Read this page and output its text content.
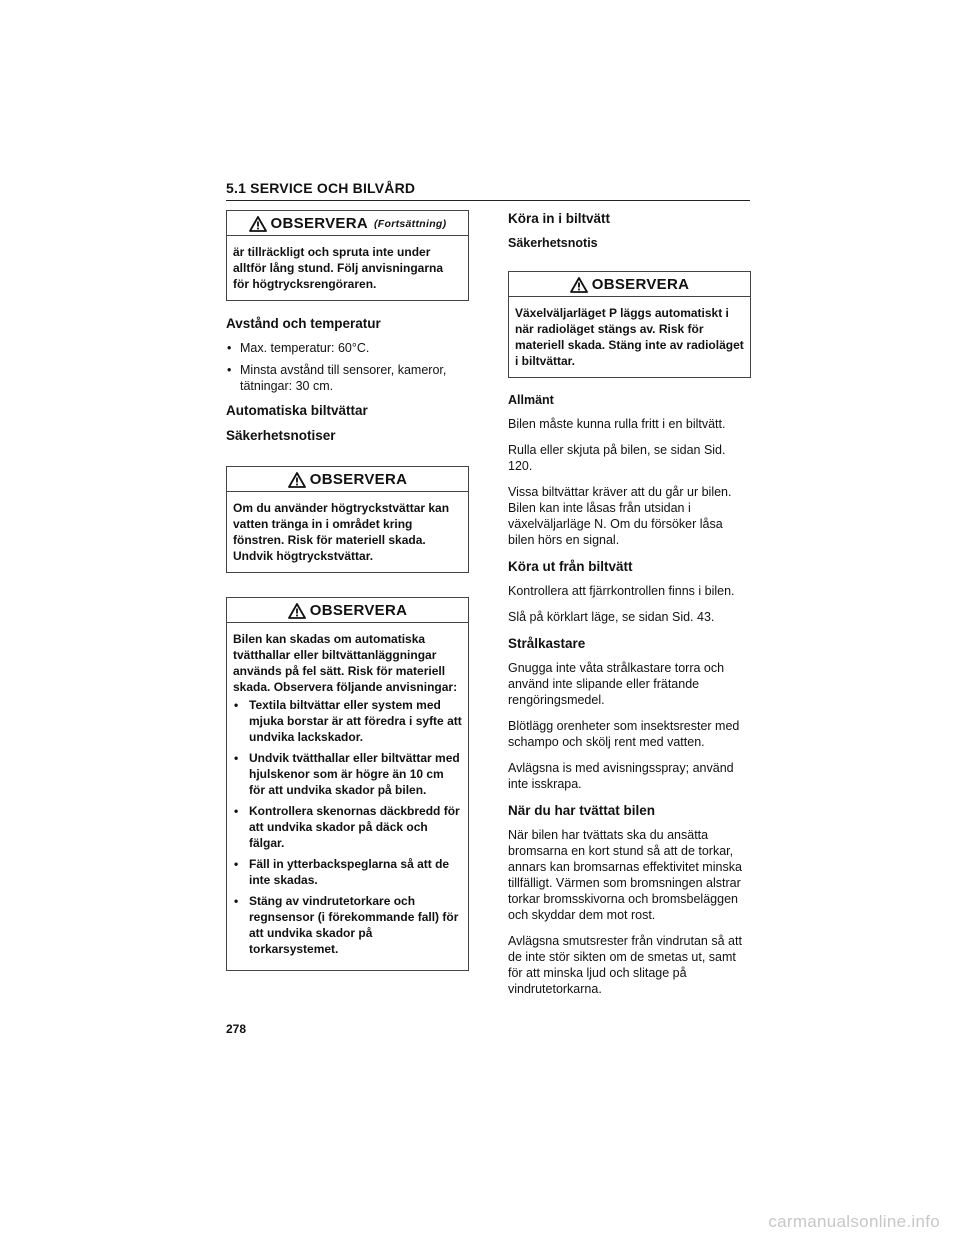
5.1 SERVICE OCH BILVÅRD
OBSERVERA (Fortsättning)

är tillräckligt och spruta inte under alltför lång stund. Följ anvisningarna för högtrycksrengöraren.

Avstånd och temperatur
• Max. temperatur: 60°C.
• Minsta avstånd till sensorer, kameror, tätningar: 30 cm.
Automatiska biltvättar
Säkerhetsnotiser
OBSERVERA

Om du använder högtryckstvättar kan vatten tränga in i området kring fönstren. Risk för materiell skada. Undvik högtryckstvättar.

OBSERVERA

Bilen kan skadas om automatiska tvätthallar eller biltvättanläggningar används på fel sätt. Risk för materiell skada. Observera följande anvisningar:

• Textila biltvättar eller system med mjuka borstar är att föredra i syfte att undvika lackskador.
• Undvik tvätthallar eller biltvättar med hjulskenor som är högre än 10 cm för att undvika skador på bilen.
• Kontrollera skenornas däckbredd för att undvika skador på däck och fälgar.
• Fäll in ytterbackspeglarna så att de inte skadas.
• Stäng av vindrutetorkare och regnsensor (i förekommande fall) för att undvika skador på torkarsystemet.
Köra in i biltvätt
Säkerhetsnotis
OBSERVERA

Växelväljarläget P läggs automatiskt i när radioläget stängs av. Risk för materiell skada. Stäng inte av radioläget i biltvättar.

Allmänt

Bilen måste kunna rulla fritt i en biltvätt.

Rulla eller skjuta på bilen, se sidan Sid. 120.

Vissa biltvättar kräver att du går ur bilen. Bilen kan inte låsas från utsidan i växelväljarläge N. Om du försöker låsa bilen hörs en signal.

Köra ut från biltvätt

Kontrollera att fjärrkontrollen finns i bilen.

Slå på körklart läge, se sidan Sid. 43.

Strålkastare

Gnugga inte våta strålkastare torra och använd inte slipande eller frätande rengöringsmedel.

Blötlägg orenheter som insektsrester med schampo och skölj rent med vatten.

Avlägsna is med avisningsspray; använd inte isskrapa.

När du har tvättat bilen

När bilen har tvättats ska du ansätta bromsarna en kort stund så att de torkar, annars kan bromsarnas effektivitet minska tillfälligt. Värmen som bromsningen alstrar torkar bromsskivorna och bromsbeläggen och skyddar dem mot rost.

Avlägsna smutsrester från vindrutan så att de inte stör sikten om de smetas ut, samt för att minska ljud och slitage på vindrutetorkarna.

278
carmanualsonline.info
